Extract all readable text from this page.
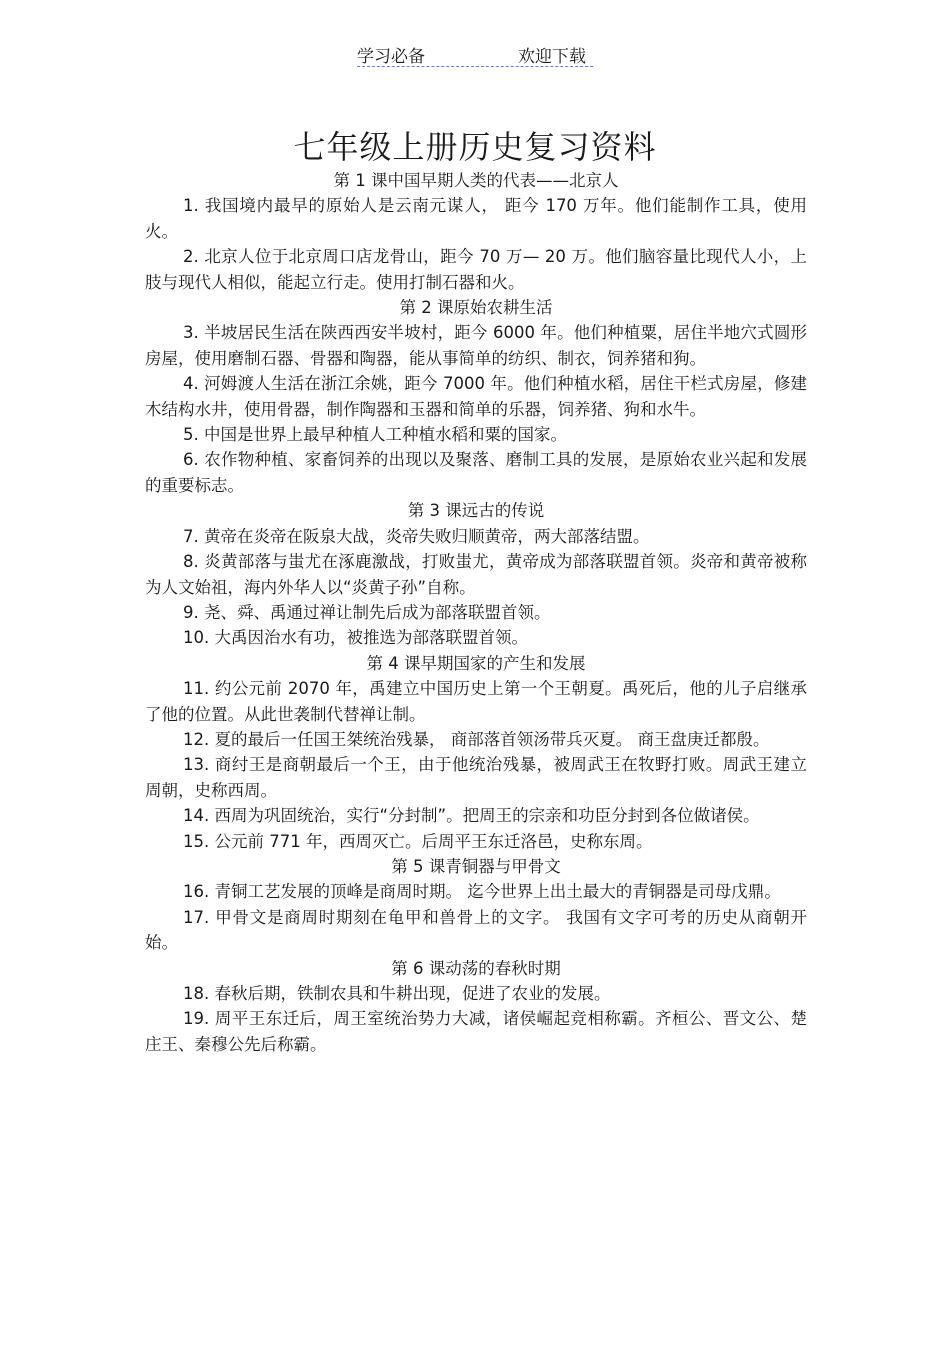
学习必备	欢迎下载
七年级上册历史复习资料
第 1 课中国早期人类的代表——北京人

1. 我国境内最早的原始人是云南元谋人， 距今 170 万年。他们能制作工具，使用火。

2. 北京人位于北京周口店龙骨山，距今 70 万— 20 万。他们脑容量比现代人小，上肢与现代人相似，能起立行走。使用打制石器和火。

第 2 课原始农耕生活

3. 半坡居民生活在陕西西安半坡村，距今 6000 年。他们种植粟，居住半地穴式圆形房屋，使用磨制石器、骨器和陶器，能从事简单的纺织、制衣，饲养猪和狗。

4. 河姆渡人生活在浙江余姚，距今 7000 年。他们种植水稻，居住干栏式房屋，修建木结构水井，使用骨器，制作陶器和玉器和简单的乐器，饲养猪、狗和水牛。

5. 中国是世界上最早种植人工种植水稻和粟的国家。

6. 农作物种植、家畜饲养的出现以及聚落、磨制工具的发展，是原始农业兴起和发展的重要标志。

第 3 课远古的传说

7. 黄帝在炎帝在阪泉大战，炎帝失败归顺黄帝，两大部落结盟。

8. 炎黄部落与蚩尤在涿鹿激战，打败蚩尤，黄帝成为部落联盟首领。炎帝和黄帝被称为人文始祖，海内外华人以“炎黄子孙”自称。

9. 尧、舜、禹通过禅让制先后成为部落联盟首领。

10. 大禹因治水有功，被推选为部落联盟首领。

第 4 课早期国家的产生和发展

11. 约公元前 2070 年，禹建立中国历史上第一个王朝夏。禹死后，他的儿子启继承了他的位置。从此世袭制代替禅让制。

12. 夏的最后一任国王桀统治残暴， 商部落首领汤带兵灭夏。 商王盘庚迁都殷。

13. 商纣王是商朝最后一个王，由于他统治残暴，被周武王在牧野打败。周武王建立周朝，史称西周。

14. 西周为巩固统治，实行“分封制”。把周王的宗亲和功臣分封到各位做诸侯。

15. 公元前 771 年，西周灭亡。后周平王东迁洛邑，史称东周。

第 5 课青铜器与甲骨文

16. 青铜工艺发展的顶峰是商周时期。 迄今世界上出土最大的青铜器是司母戊鼎。

17. 甲骨文是商周时期刻在龟甲和兽骨上的文字。 我国有文字可考的历史从商朝开始。

第 6 课动荡的春秋时期

18. 春秋后期，铁制农具和牛耕出现，促进了农业的发展。

19. 周平王东迁后，周王室统治势力大减，诸侯崛起竞相称霸。齐桓公、晋文公、楚庄王、秦穆公先后称霸。
